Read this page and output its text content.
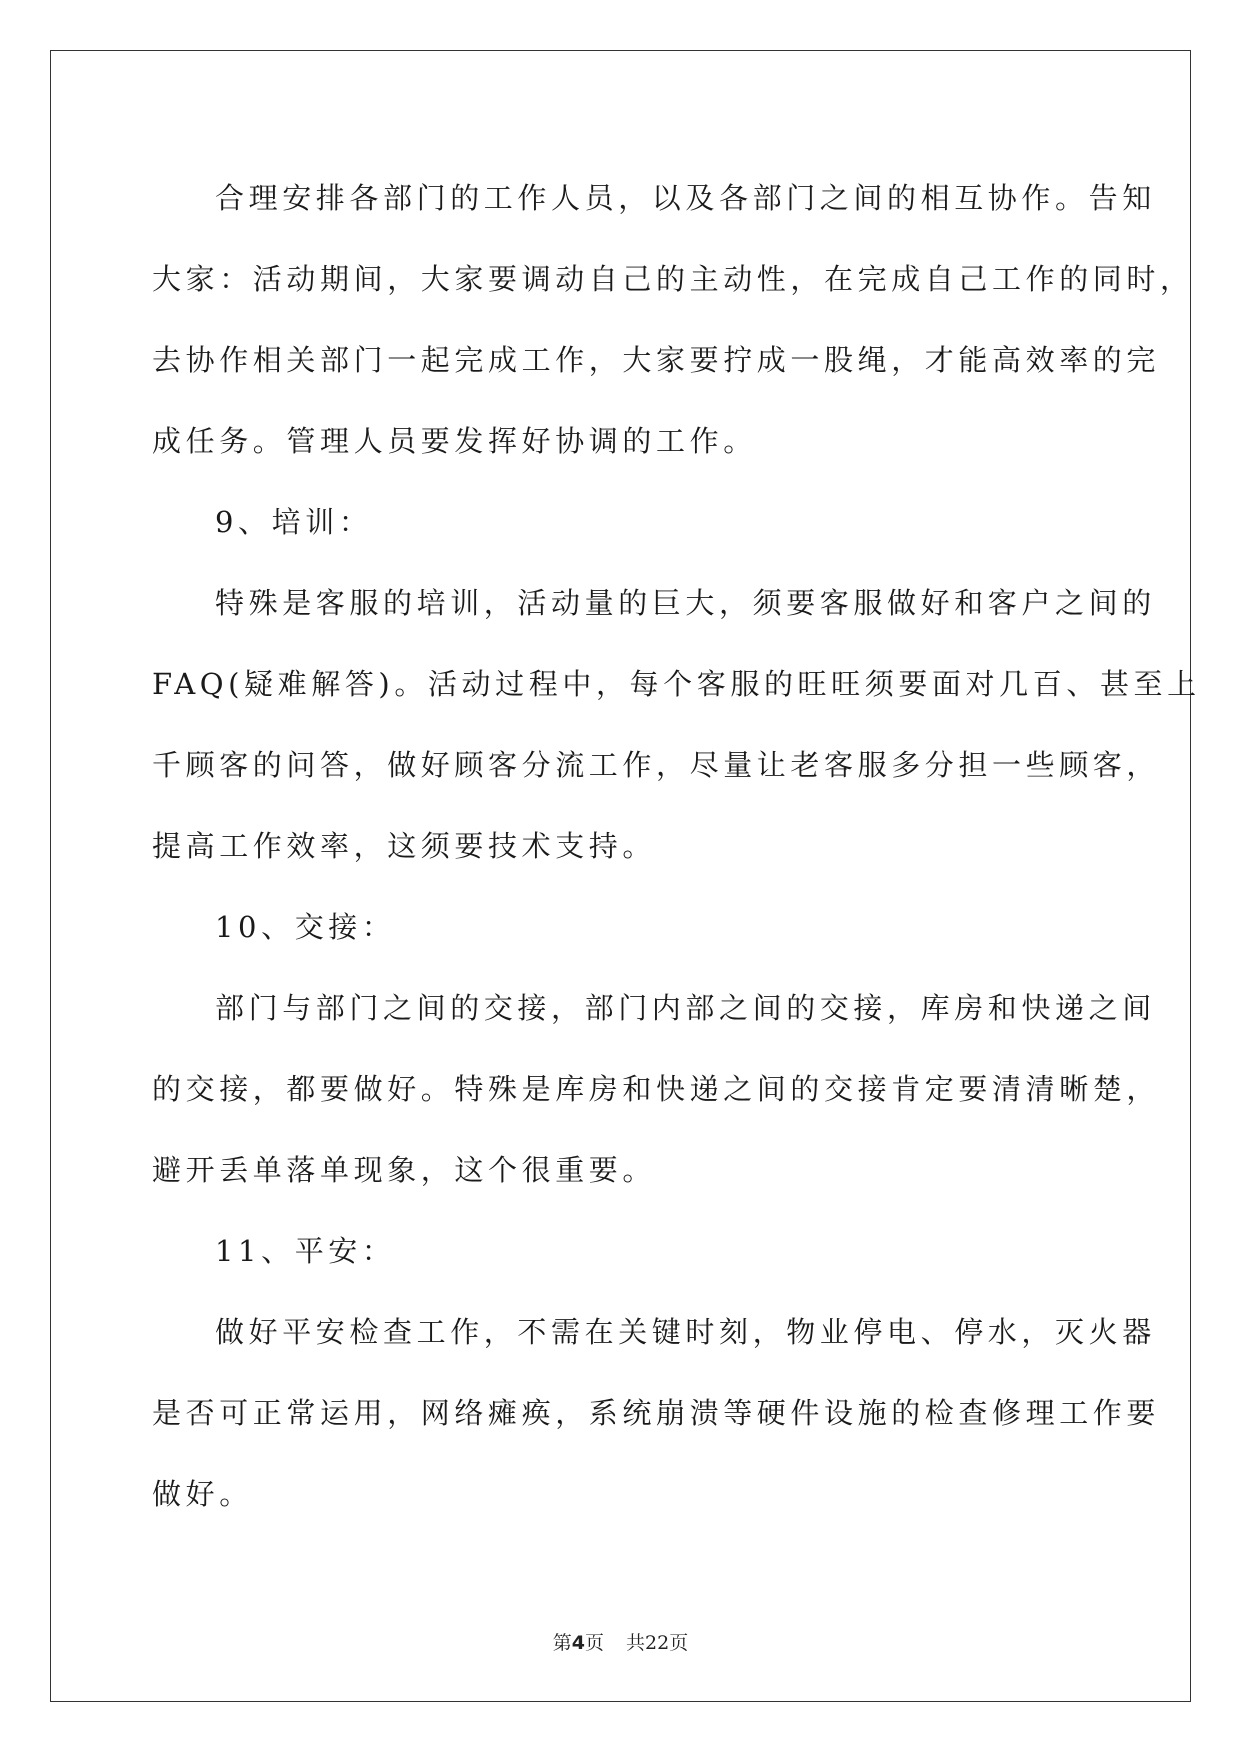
合理安排各部门的工作人员，以及各部门之间的相互协作。告知
大家：活动期间，大家要调动自己的主动性，在完成自己工作的同时，
去协作相关部门一起完成工作，大家要拧成一股绳，才能高效率的完
成任务。管理人员要发挥好协调的工作。

9、培训：

特殊是客服的培训，活动量的巨大，须要客服做好和客户之间的
FAQ(疑难解答)。活动过程中，每个客服的旺旺须要面对几百、甚至上
千顾客的问答，做好顾客分流工作，尽量让老客服多分担一些顾客，
提高工作效率，这须要技术支持。

10、交接：

部门与部门之间的交接，部门内部之间的交接，库房和快递之间
的交接，都要做好。特殊是库房和快递之间的交接肯定要清清晰楚，
避开丢单落单现象，这个很重要。

11、平安：

做好平安检查工作，不需在关键时刻，物业停电、停水，灭火器
是否可正常运用，网络瘫痪，系统崩溃等硬件设施的检查修理工作要
做好。

第4页 共22页
